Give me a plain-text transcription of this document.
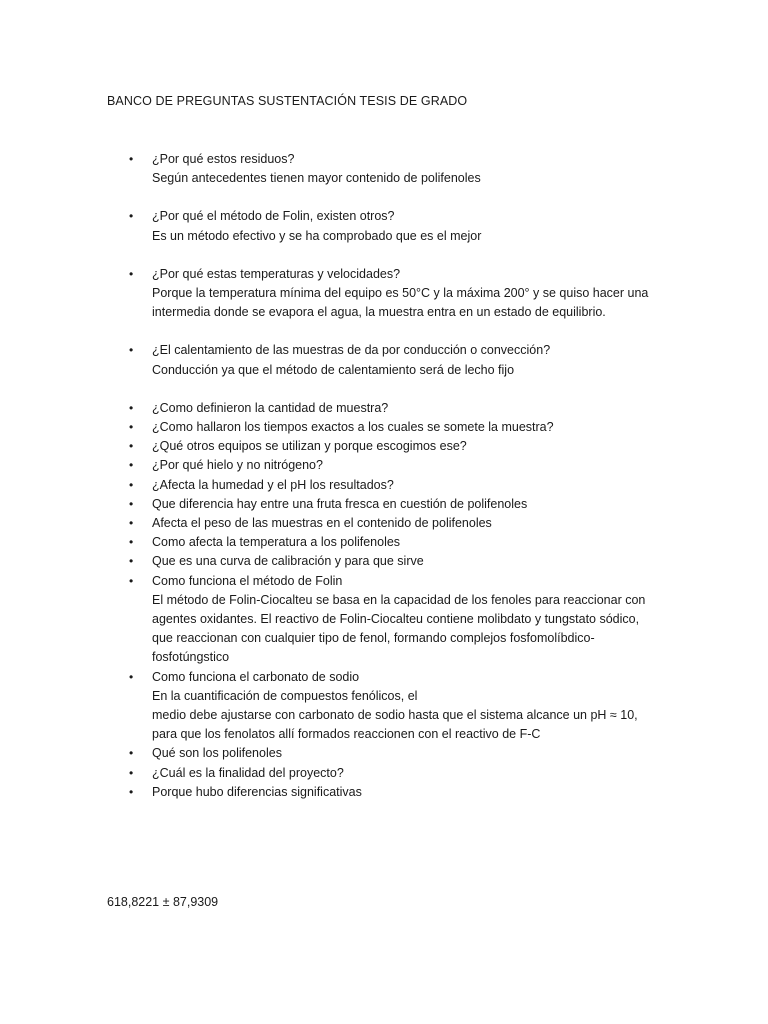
BANCO DE PREGUNTAS SUSTENTACIÓN TESIS DE GRADO
• ¿Por qué estos residuos?
Según antecedentes tienen mayor contenido de polifenoles
• ¿Por qué el método de Folin, existen otros?
Es un método efectivo y se ha comprobado que es el mejor
• ¿Por qué estas temperaturas y velocidades?
Porque la temperatura mínima del equipo es 50°C y la máxima 200° y se quiso hacer una
intermedia donde se evapora el agua, la muestra entra en un estado de equilibrio.
• ¿El calentamiento de las muestras de da por conducción o convección?
Conducción ya que el método de calentamiento será de lecho fijo
• ¿Como definieron la cantidad de muestra?
• ¿Como hallaron los tiempos exactos a los cuales se somete la muestra?
• ¿Qué otros equipos se utilizan y porque escogimos ese?
• ¿Por qué hielo y no nitrógeno?
• ¿Afecta la humedad y el pH los resultados?
• Que diferencia hay entre una fruta fresca en cuestión de polifenoles
• Afecta el peso de las muestras en el contenido de polifenoles
• Como afecta la temperatura a los polifenoles
• Que es una curva de calibración y para que sirve
• Como funciona el método de Folin
El método de Folin-Ciocalteu se basa en la capacidad de los fenoles para reaccionar con
agentes oxidantes. El reactivo de Folin-Ciocalteu contiene molibdato y tungstato sódico,
que reaccionan con cualquier tipo de fenol, formando complejos fosfomolíbdico-
fosfotúngstico
• Como funciona el carbonato de sodio
En la cuantificación de compuestos fenólicos, el
medio debe ajustarse con carbonato de sodio hasta que el sistema alcance un pH ≈ 10,
para que los fenolatos allí formados reaccionen con el reactivo de F-C
• Qué son los polifenoles
• ¿Cuál es la finalidad del proyecto?
• Porque hubo diferencias significativas
618,8221 ± 87,9309
